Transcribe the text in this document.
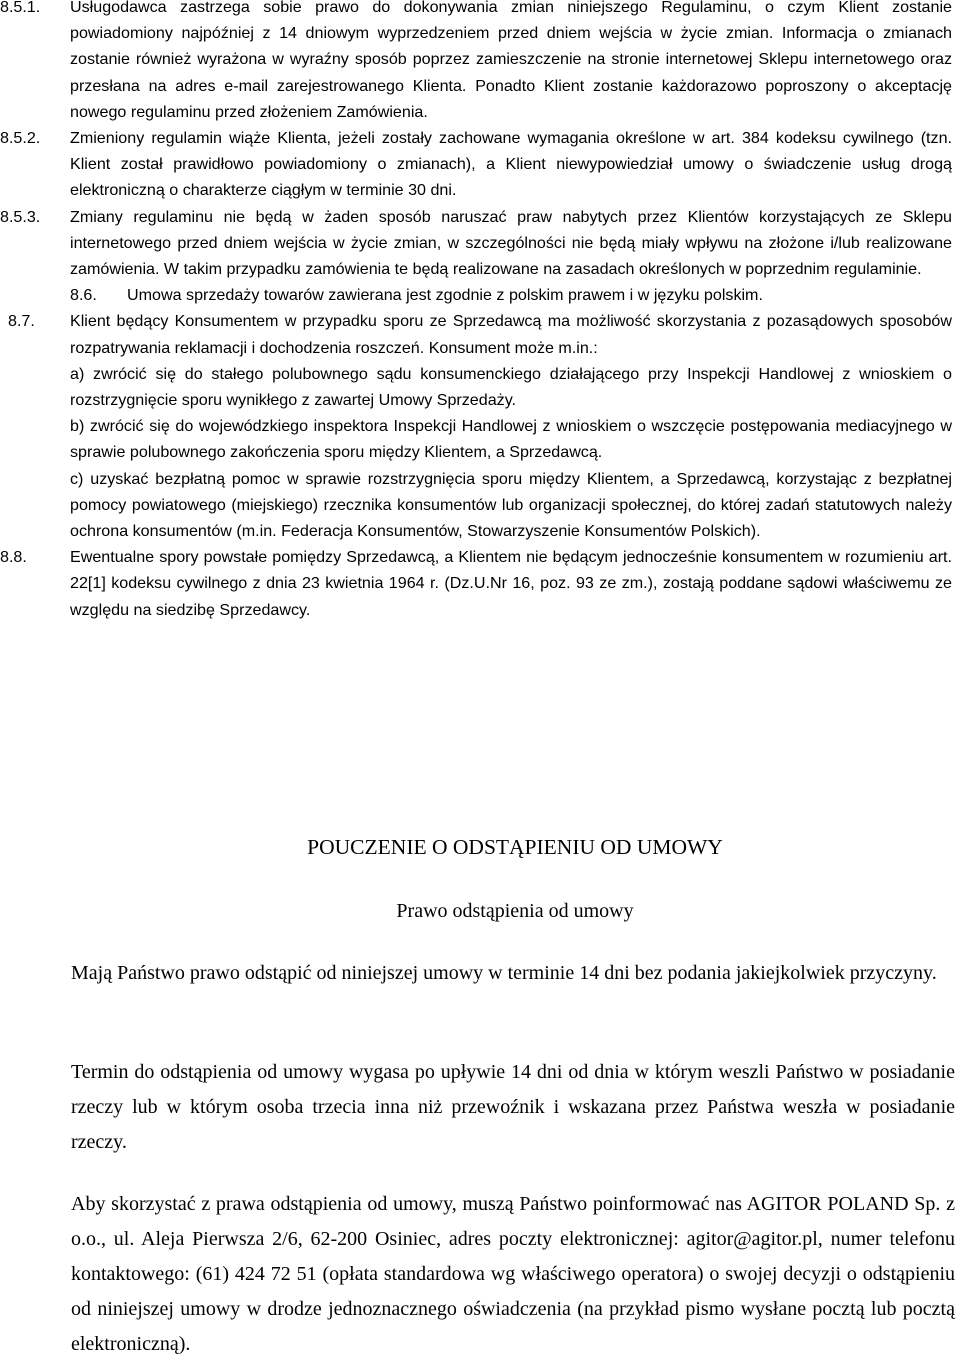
8.5.1. Usługodawca zastrzega sobie prawo do dokonywania zmian niniejszego Regulaminu, o czym Klient zostanie powiadomiony najpóźniej z 14 dniowym wyprzedzeniem przed dniem wejścia w życie zmian. Informacja o zmianach zostanie również wyrażona w wyraźny sposób poprzez zamieszczenie na stronie internetowej Sklepu internetowego oraz przesłana na adres e-mail zarejestrowanego Klienta. Ponadto Klient zostanie każdorazowo poproszony o akceptację nowego regulaminu przed złożeniem Zamówienia.

8.5.2. Zmieniony regulamin wiąże Klienta, jeżeli zostały zachowane wymagania określone w art. 384 kodeksu cywilnego (tzn. Klient został prawidłowo powiadomiony o zmianach), a Klient niewypowiedział umowy o świadczenie usług drogą elektroniczną o charakterze ciągłym w terminie 30 dni.

8.5.3. Zmiany regulaminu nie będą w żaden sposób naruszać praw nabytych przez Klientów korzystających ze Sklepu internetowego przed dniem wejścia w życie zmian, w szczególności nie będą miały wpływu na złożone i/lub realizowane zamówienia. W takim przypadku zamówienia te będą realizowane na zasadach określonych w poprzednim regulaminie.

8.6. Umowa sprzedaży towarów zawierana jest zgodnie z polskim prawem i w języku polskim.

8.7. Klient będący Konsumentem w przypadku sporu ze Sprzedawcą ma możliwość skorzystania z pozasądowych sposobów rozpatrywania reklamacji i dochodzenia roszczeń. Konsument może m.in.:

a) zwrócić się do stałego polubownego sądu konsumenckiego działającego przy Inspekcji Handlowej z wnioskiem o rozstrzygnięcie sporu wynikłego z zawartej Umowy Sprzedaży.

b) zwrócić się do wojewódzkiego inspektora Inspekcji Handlowej z wnioskiem o wszczęcie postępowania mediacyjnego w sprawie polubownego zakończenia sporu między Klientem, a Sprzedawcą.

c) uzyskać bezpłatną pomoc w sprawie rozstrzygnięcia sporu między Klientem, a Sprzedawcą, korzystając z bezpłatnej pomocy powiatowego (miejskiego) rzecznika konsumentów lub organizacji społecznej, do której zadań statutowych należy ochrona konsumentów (m.in. Federacja Konsumentów, Stowarzyszenie Konsumentów Polskich).

8.8.	Ewentualne spory powstałe pomiędzy Sprzedawcą, a Klientem nie będącym jednocześnie konsumentem w rozumieniu art. 22[1] kodeksu cywilnego z dnia 23 kwietnia 1964 r. (Dz.U.Nr 16, poz. 93 ze zm.), zostają poddane sądowi właściwemu ze względu na siedzibę Sprzedawcy.

POUCZENIE O ODSTĄPIENIU OD UMOWY
Prawo odstąpienia od umowy

Mają Państwo prawo odstąpić od niniejszej umowy w terminie 14 dni bez podania jakiejkolwiek przyczyny.

Termin do odstąpienia od umowy wygasa po upływie 14 dni od dnia w którym weszli Państwo w posiadanie rzeczy lub w którym osoba trzecia inna niż przewoźnik i wskazana przez Państwa weszła w posiadanie rzeczy.

Aby skorzystać z prawa odstąpienia od umowy, muszą Państwo poinformować nas AGITOR POLAND Sp. z o.o., ul. Aleja Pierwsza 2/6, 62-200 Osiniec, adres poczty elektronicznej: agitor@agitor.pl, numer telefonu kontaktowego: (61) 424 72 51 (opłata standardowa wg właściwego operatora) o swojej decyzji o odstąpieniu od niniejszej umowy w drodze jednoznacznego oświadczenia (na przykład pismo wysłane pocztą lub pocztą elektroniczną).
